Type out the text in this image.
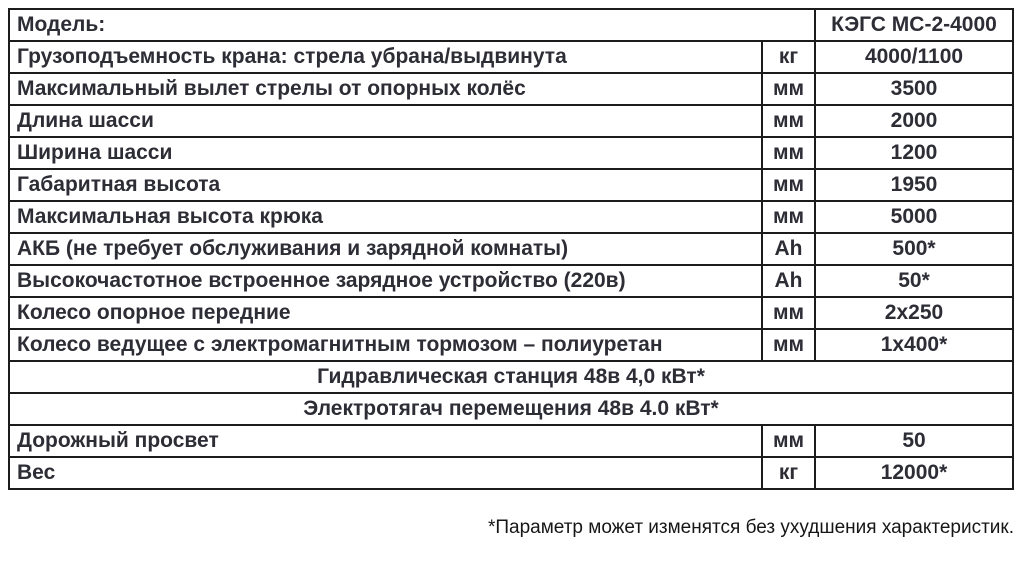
Модель:		КЭГС МС-2-4000
Грузоподъемность крана: стрела убрана/выдвинута	кг	4000/1100
Максимальный вылет стрелы от опорных колёс	мм	3500
Длина шасси	мм	2000
Ширина шасси	мм	1200
Габаритная высота	мм	1950
Максимальная высота крюка	мм	5000
АКБ (не требует обслуживания и зарядной комнаты)	Ah	500*
Высокочастотное встроенное зарядное устройство (220в)	Ah	50*
Колесо опорное передние	мм	2x250
Колесо ведущее с электромагнитным тормозом – полиуретан	мм	1x400*
Гидравлическая станция 48в 4,0 кВт*		
Электротягач перемещения 48в 4.0 кВт*		
Дорожный просвет	мм	50
Вес	кг	12000*
*Параметр может изменятся без ухудшения характеристик.
